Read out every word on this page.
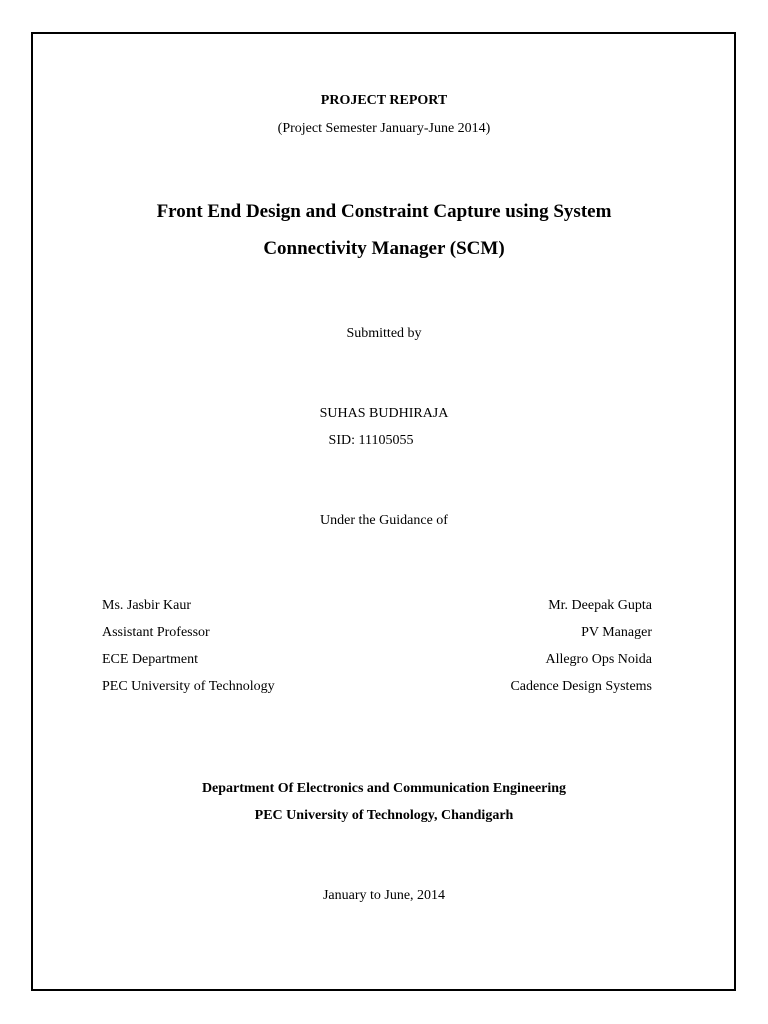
PROJECT REPORT
(Project Semester January-June 2014)
Front End Design and Constraint Capture using System
Connectivity Manager (SCM)
Submitted by
SUHAS BUDHIRAJA
SID: 11105055
Under the Guidance of
Ms. Jasbir Kaur
Assistant Professor
ECE Department
PEC University of Technology
Mr. Deepak Gupta
PV Manager
Allegro Ops Noida
Cadence Design Systems
Department Of Electronics and Communication Engineering
PEC University of Technology, Chandigarh
January to June, 2014
